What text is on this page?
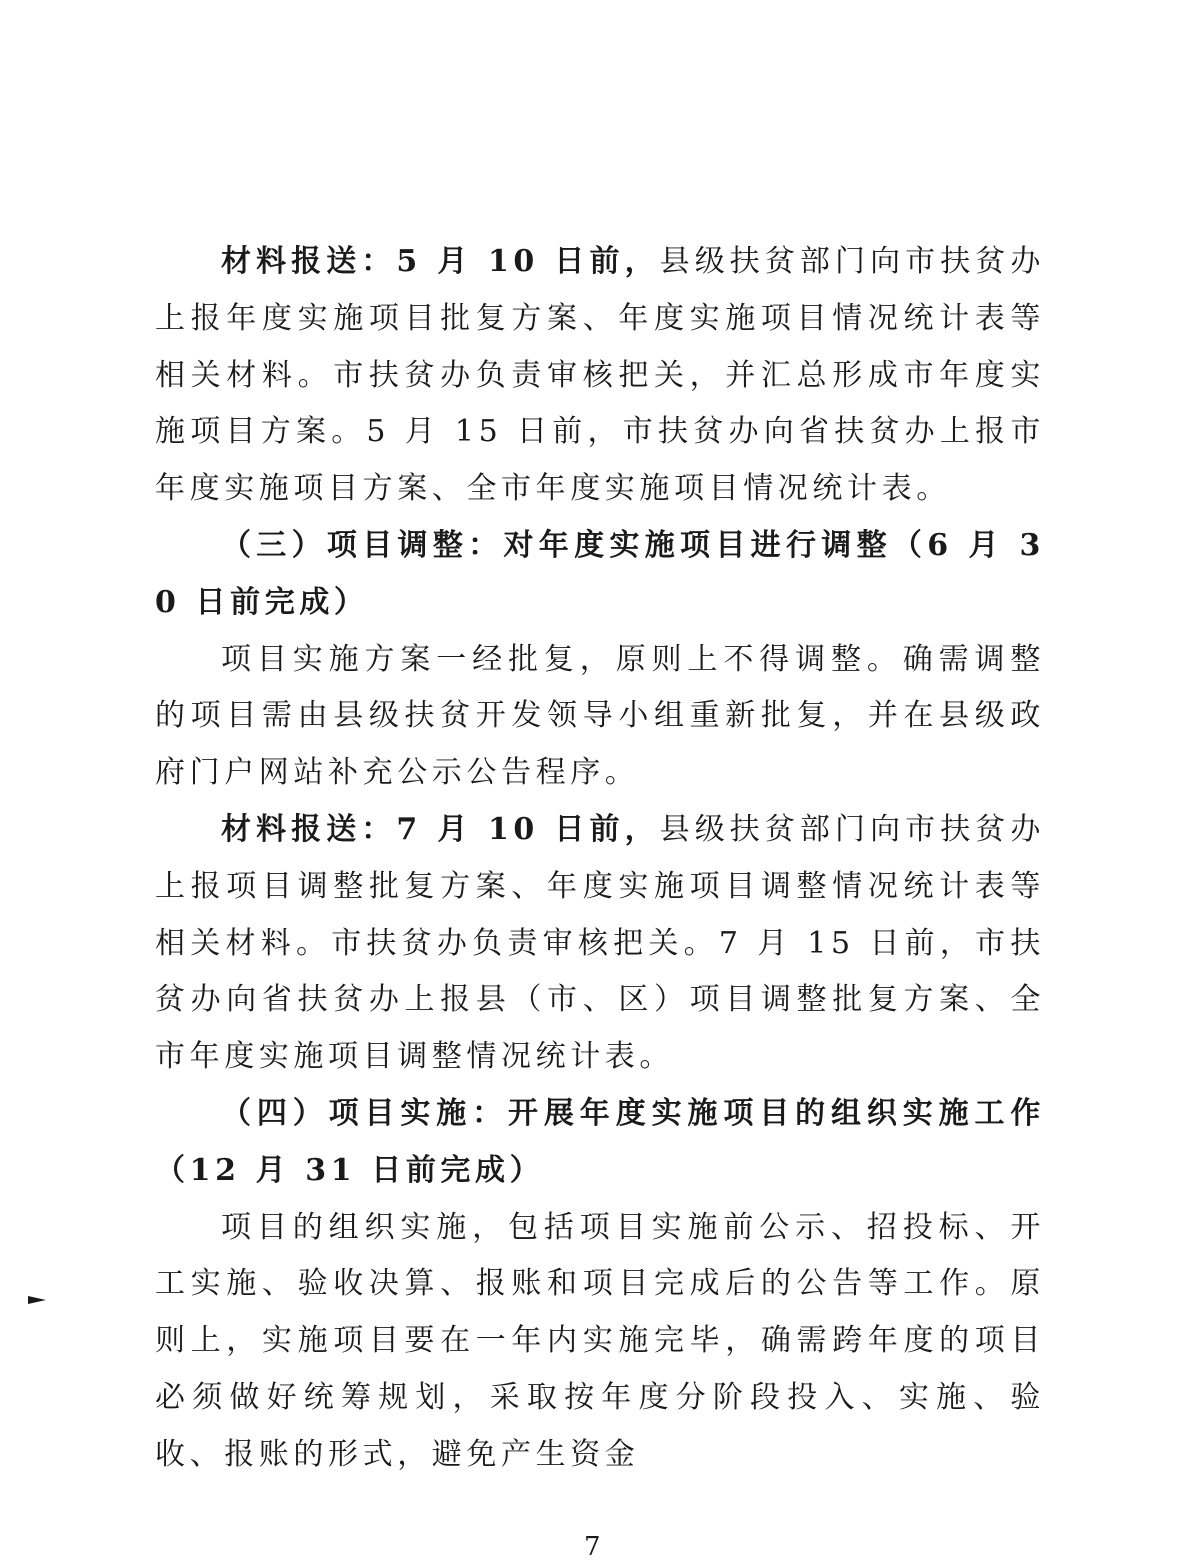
材料报送：5 月 10 日前，县级扶贫部门向市扶贫办上报年度实施项目批复方案、年度实施项目情况统计表等相关材料。市扶贫办负责审核把关，并汇总形成市年度实施项目方案。5 月 15 日前，市扶贫办向省扶贫办上报市年度实施项目方案、全市年度实施项目情况统计表。

（三）项目调整：对年度实施项目进行调整（6 月 30 日前完成）

项目实施方案一经批复，原则上不得调整。确需调整的项目需由县级扶贫开发领导小组重新批复，并在县级政府门户网站补充公示公告程序。

材料报送：7 月 10 日前，县级扶贫部门向市扶贫办上报项目调整批复方案、年度实施项目调整情况统计表等相关材料。市扶贫办负责审核把关。7 月 15 日前，市扶贫办向省扶贫办上报县（市、区）项目调整批复方案、全市年度实施项目调整情况统计表。

（四）项目实施：开展年度实施项目的组织实施工作（12 月 31 日前完成）

项目的组织实施，包括项目实施前公示、招投标、开工实施、验收决算、报账和项目完成后的公告等工作。原则上，实施项目要在一年内实施完毕，确需跨年度的项目必须做好统筹规划，采取按年度分阶段投入、实施、验收、报账的形式，避免产生资金

7
